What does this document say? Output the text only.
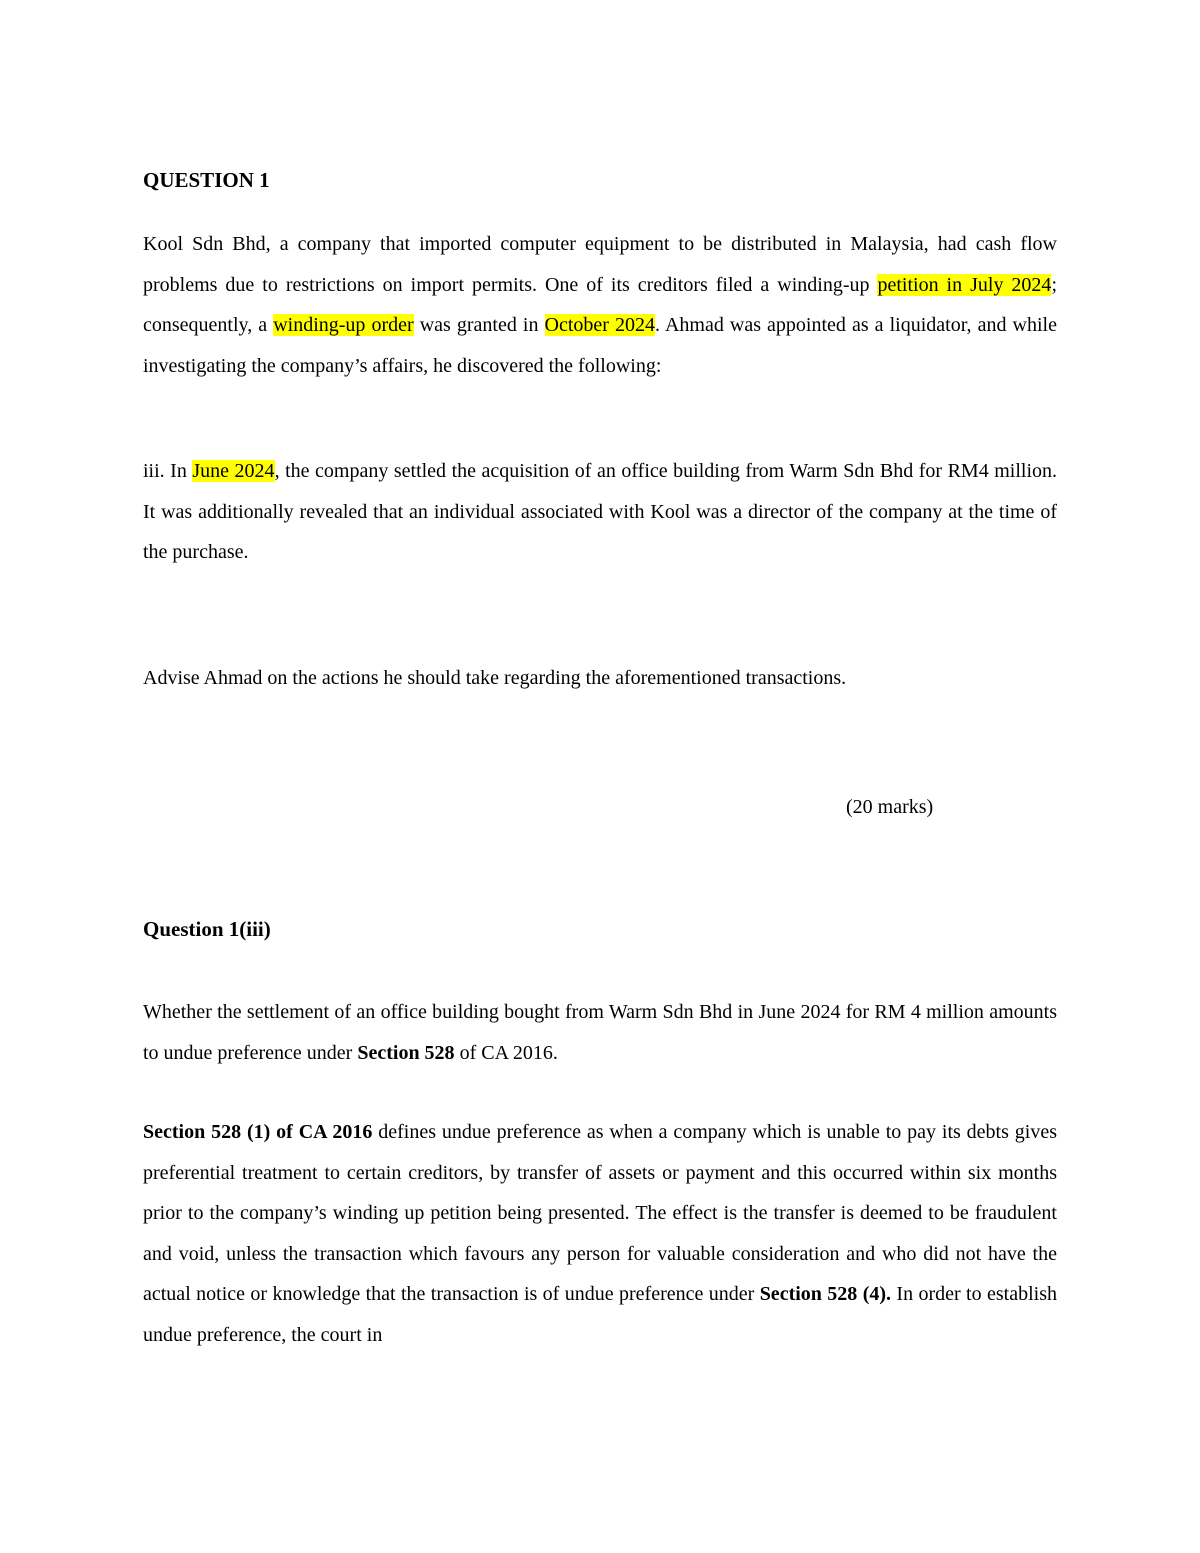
QUESTION 1
Kool Sdn Bhd, a company that imported computer equipment to be distributed in Malaysia, had cash flow problems due to restrictions on import permits. One of its creditors filed a winding-up petition in July 2024; consequently, a winding-up order was granted in October 2024. Ahmad was appointed as a liquidator, and while investigating the company’s affairs, he discovered the following:
iii. In June 2024, the company settled the acquisition of an office building from Warm Sdn Bhd for RM4 million. It was additionally revealed that an individual associated with Kool was a director of the company at the time of the purchase.
Advise Ahmad on the actions he should take regarding the aforementioned transactions.
(20 marks)
Question 1(iii)
Whether the settlement of an office building bought from Warm Sdn Bhd in June 2024 for RM 4 million amounts to undue preference under Section 528 of CA 2016.
Section 528 (1) of CA 2016 defines undue preference as when a company which is unable to pay its debts gives preferential treatment to certain creditors, by transfer of assets or payment and this occurred within six months prior to the company’s winding up petition being presented. The effect is the transfer is deemed to be fraudulent and void, unless the transaction which favours any person for valuable consideration and who did not have the actual notice or knowledge that the transaction is of undue preference under Section 528 (4). In order to establish undue preference, the court in
